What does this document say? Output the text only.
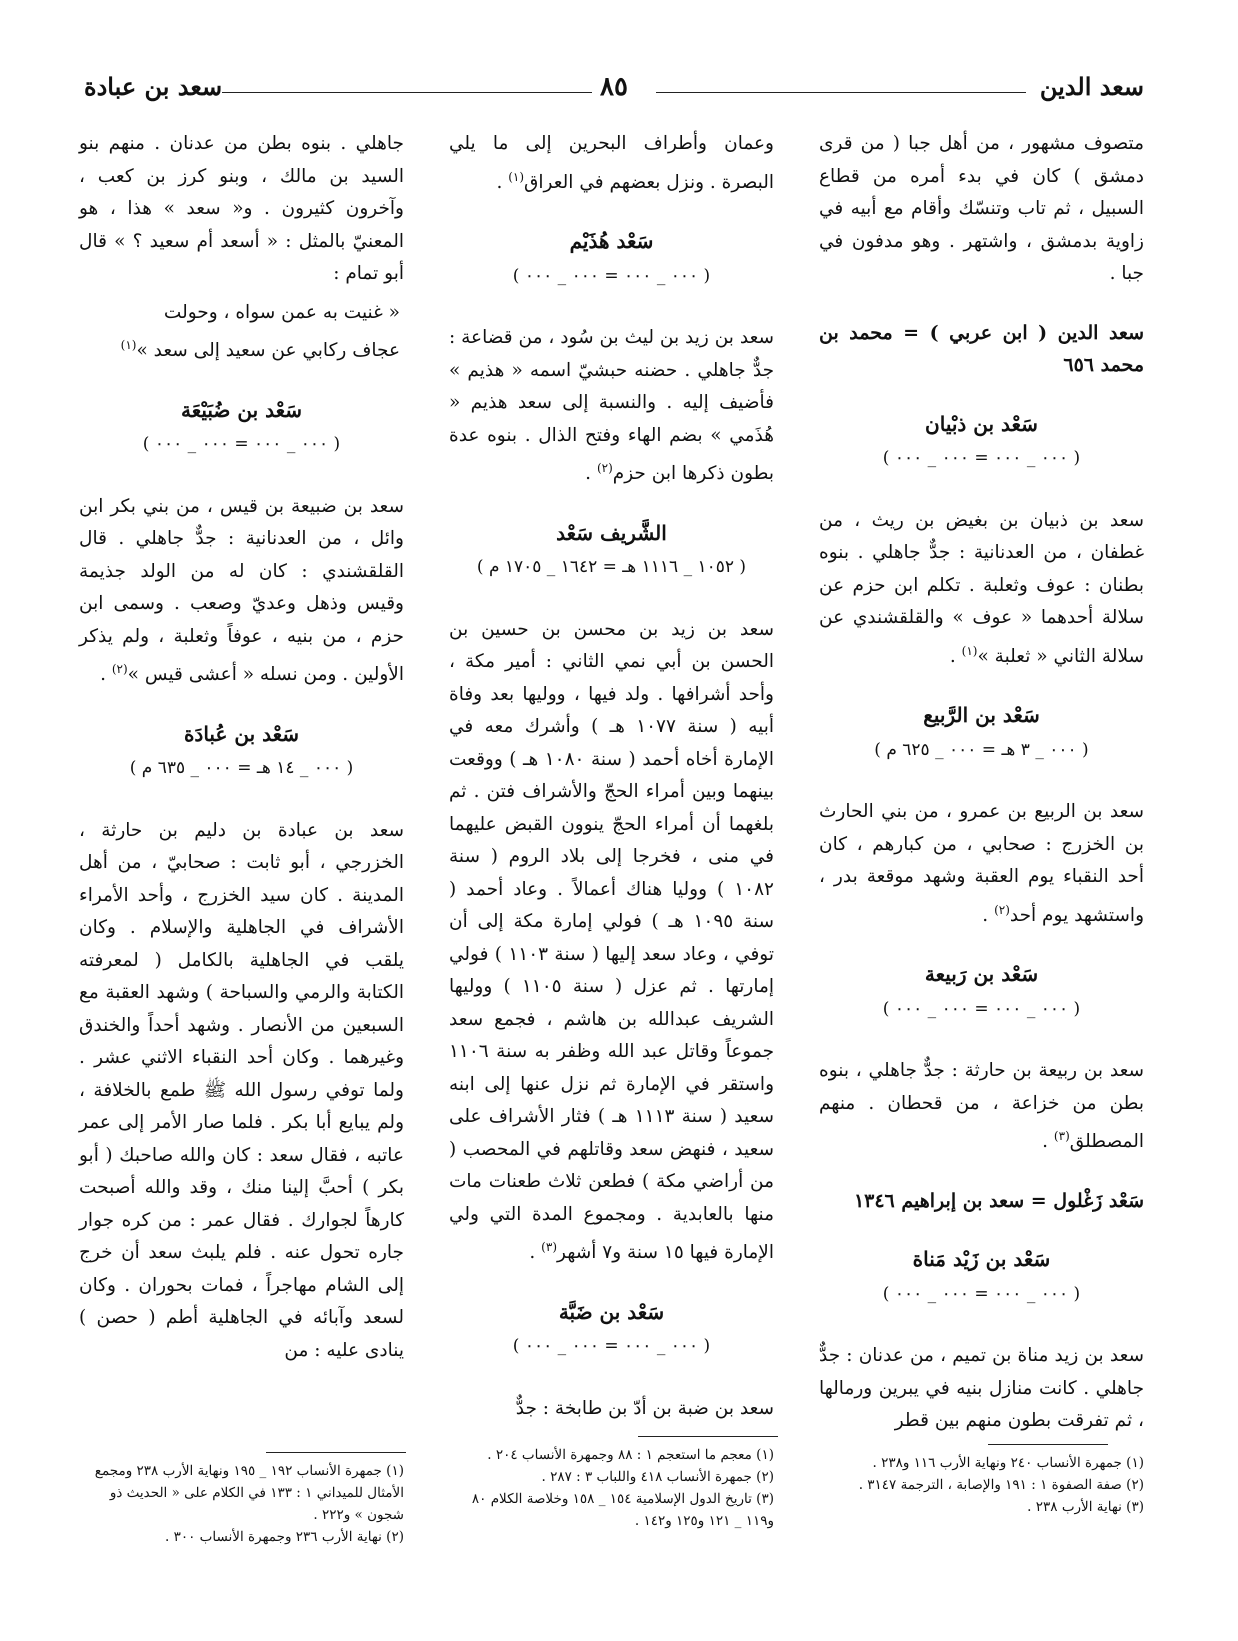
سعد الدين
٨٥
سعد بن عبادة

متصوف مشهور ، من أهل جبا ( من قرى دمشق ) كان في بدء أمره من قطاع السبيل ، ثم تاب وتنسّك وأقام مع أبيه في زاوية بدمشق ، واشتهر . وهو مدفون في جبا .

سعد الدين ( ابن عربي ) = محمد بن محمد ٦٥٦

سَعْد بن ذبْيان
( ٠٠٠ _ ٠٠٠ = ٠٠٠ _ ٠٠٠ )

سعد بن ذبيان بن بغيض بن ريث ، من غطفان ، من العدنانية : جدٌّ جاهلي . بنوه بطنان : عوف وثعلبة . تكلم ابن حزم عن سلالة أحدهما « عوف » والقلقشندي عن سلالة الثاني « ثعلبة »$^{(١)}$ .

سَعْد بن الرَّبيع
( ٠٠٠ _ ٣ هـ = ٠٠٠ _ ٦٢٥ م )

سعد بن الربيع بن عمرو ، من بني الحارث بن الخزرج : صحابي ، من كبارهم ، كان أحد النقباء يوم العقبة وشهد موقعة بدر ، واستشهد يوم أحد$^{(٢)}$ .

سَعْد بن رَبيعة
( ٠٠٠ _ ٠٠٠ = ٠٠٠ _ ٠٠٠ )

سعد بن ربيعة بن حارثة : جدٌّ جاهلي ، بنوه بطن من خزاعة ، من قحطان . منهم المصطلق$^{(٣)}$ .

سَعْد زَغْلول = سعد بن إبراهيم ١٣٤٦

سَعْد بن زَيْد مَناة
( ٠٠٠ _ ٠٠٠ = ٠٠٠ _ ٠٠٠ )

سعد بن زيد مناة بن تميم ، من عدنان : جدٌّ جاهلي . كانت منازل بنيه في يبرين ورمالها ، ثم تفرقت بطون منهم بين قطر

(١) جمهرة الأنساب ٢٤٠ ونهاية الأرب ١١٦ و٢٣٨ .
(٢) صفة الصفوة ١ : ١٩١ والإصابة ، الترجمة ٣١٤٧ .
(٣) نهاية الأرب ٢٣٨ .

وعمان وأطراف البحرين إلى ما يلي البصرة . ونزل بعضهم في العراق$^{(١)}$ .

سَعْد هُذَيْم
( ٠٠٠ _ ٠٠٠ = ٠٠٠ _ ٠٠٠ )

سعد بن زيد بن ليث بن سُود ، من قضاعة : جدٌّ جاهلي . حضنه حبشيّ اسمه « هذيم » فأضيف إليه . والنسبة إلى سعد هذيم « هُذَمي » بضم الهاء وفتح الذال . بنوه عدة بطون ذكرها ابن حزم$^{(٢)}$ .

الشَّريف سَعْد
( ١٠٥٢ _ ١١١٦ هـ = ١٦٤٢ _ ١٧٠٥ م )

سعد بن زيد بن محسن بن حسين بن الحسن بن أبي نمي الثاني : أمير مكة ، وأحد أشرافها . ولد فيها ، ووليها بعد وفاة أبيه ( سنة ١٠٧٧ هـ ) وأشرك معه في الإمارة أخاه أحمد ( سنة ١٠٨٠ هـ ) ووقعت بينهما وبين أمراء الحجّ والأشراف فتن . ثم بلغهما أن أمراء الحجّ ينوون القبض عليهما في منى ، فخرجا إلى بلاد الروم ( سنة ١٠٨٢ ) ووليا هناك أعمالاً . وعاد أحمد ( سنة ١٠٩٥ هـ ) فولي إمارة مكة إلى أن توفي ، وعاد سعد إليها ( سنة ١١٠٣ ) فولي إمارتها . ثم عزل ( سنة ١١٠٥ ) ووليها الشريف عبدالله بن هاشم ، فجمع سعد جموعاً وقاتل عبد الله وظفر به سنة ١١٠٦ واستقر في الإمارة ثم نزل عنها إلى ابنه سعيد ( سنة ١١١٣ هـ ) فثار الأشراف على سعيد ، فنهض سعد وقاتلهم في المحصب ( من أراضي مكة ) فطعن ثلاث طعنات مات منها بالعابدية . ومجموع المدة التي ولي الإمارة فيها ١٥ سنة و٧ أشهر$^{(٣)}$ .

سَعْد بن ضَبَّة
( ٠٠٠ _ ٠٠٠ = ٠٠٠ _ ٠٠٠ )

سعد بن ضبة بن أدّ بن طابخة : جدٌّ

(١) معجم ما استعجم ١ : ٨٨ وجمهرة الأنساب ٢٠٤ .
(٢) جمهرة الأنساب ٤١٨ واللباب ٣ : ٢٨٧ .
(٣) تاريخ الدول الإسلامية ١٥٤ _ ١٥٨ وخلاصة الكلام ٨٠ و١١٩ _ ١٢١ و١٢٥ و١٤٢ .

جاهلي . بنوه بطن من عدنان . منهم بنو السيد بن مالك ، وبنو كرز بن كعب ، وآخرون كثيرون . و« سعد » هذا ، هو المعنيّ بالمثل : « أسعد أم سعيد ؟ » قال أبو تمام :

« غنيت به عمن سواه ، وحولت

عجاف ركابي عن سعيد إلى سعد »$^{(١)}$

سَعْد بن ضُبَيْعَة
( ٠٠٠ _ ٠٠٠ = ٠٠٠ _ ٠٠٠ )

سعد بن ضبيعة بن قيس ، من بني بكر ابن وائل ، من العدنانية : جدٌّ جاهلي . قال القلقشندي : كان له من الولد جذيمة وقيس وذهل وعديّ وصعب . وسمى ابن حزم ، من بنيه ، عوفاً وثعلبة ، ولم يذكر الأولين . ومن نسله « أعشى قيس »$^{(٢)}$ .

سَعْد بن عُبادَة
( ٠٠٠ _ ١٤ هـ = ٠٠٠ _ ٦٣٥ م )

سعد بن عبادة بن دليم بن حارثة ، الخزرجي ، أبو ثابت : صحابيّ ، من أهل المدينة . كان سيد الخزرج ، وأحد الأمراء الأشراف في الجاهلية والإسلام . وكان يلقب في الجاهلية بالكامل ( لمعرفته الكتابة والرمي والسباحة ) وشهد العقبة مع السبعين من الأنصار . وشهد أحداً والخندق وغيرهما . وكان أحد النقباء الاثني عشر . ولما توفي رسول الله ﷺ طمع بالخلافة ، ولم يبايع أبا بكر . فلما صار الأمر إلى عمر عاتبه ، فقال سعد : كان والله صاحبك ( أبو بكر ) أحبَّ إلينا منك ، وقد والله أصبحت كارهاً لجوارك . فقال عمر : من كره جوار جاره تحول عنه . فلم يلبث سعد أن خرج إلى الشام مهاجراً ، فمات بحوران . وكان لسعد وآبائه في الجاهلية أطم ( حصن ) ينادى عليه : من

(١) جمهرة الأنساب ١٩٢ _ ١٩٥ ونهاية الأرب ٢٣٨ ومجمع الأمثال للميداني ١ : ١٣٣ في الكلام على « الحديث ذو شجون » و٢٢٢ .
(٢) نهاية الأرب ٢٣٦ وجمهرة الأنساب ٣٠٠ .
